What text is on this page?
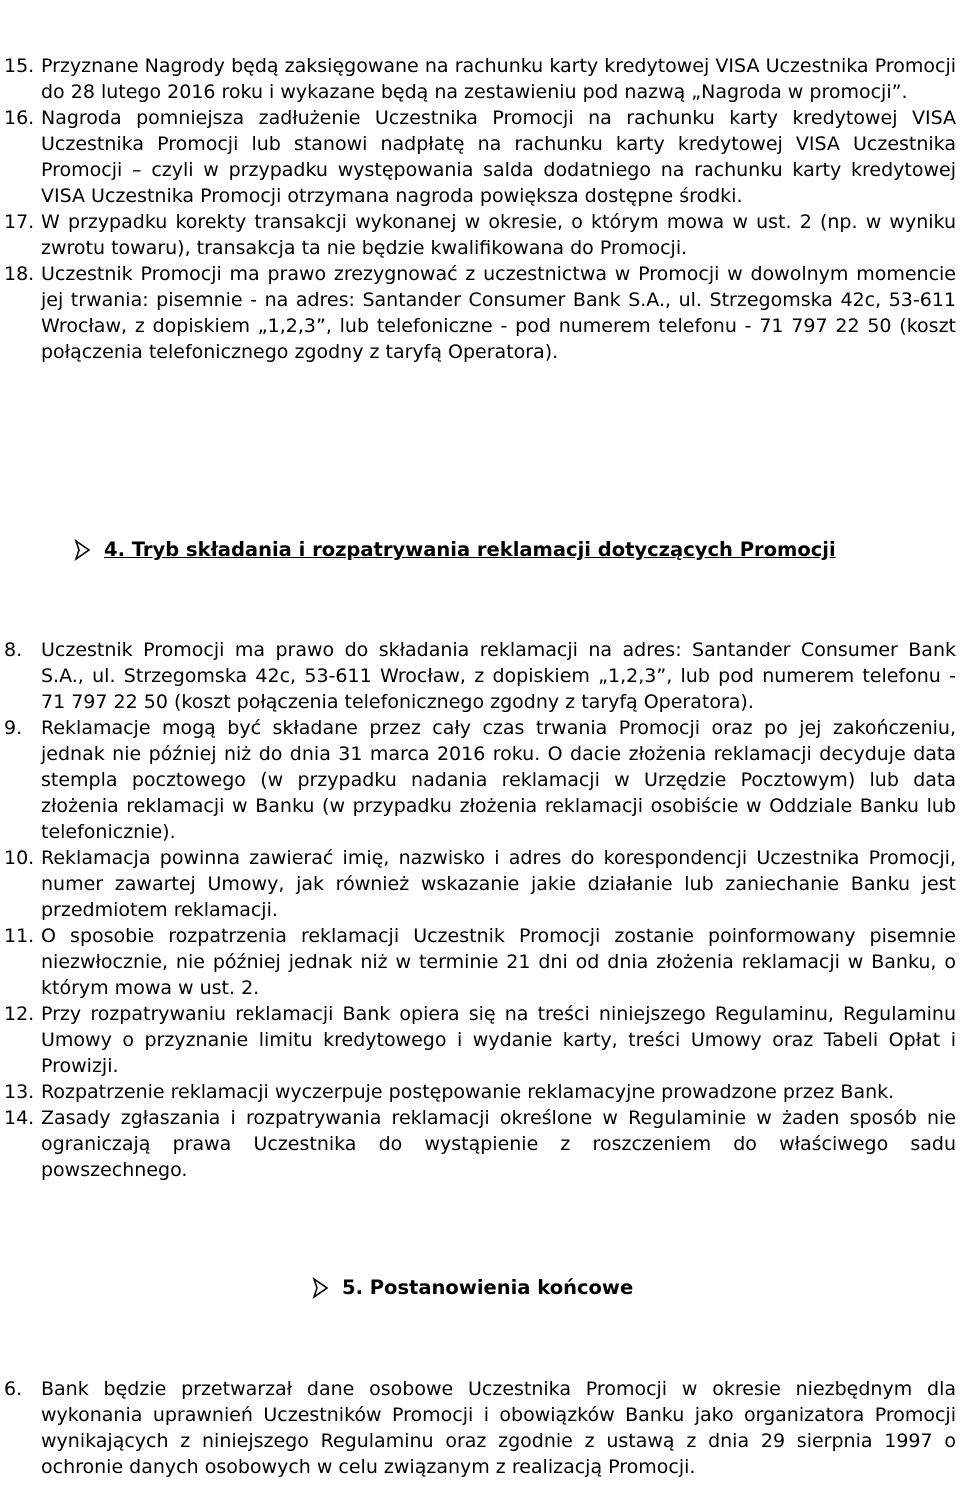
15. Przyznane Nagrody będą zaksięgowane na rachunku karty kredytowej VISA Uczestnika Promocji do 28 lutego 2016 roku i wykazane będą na zestawieniu pod nazwą „Nagroda w promocji”.

16. Nagroda pomniejsza zadłużenie Uczestnika Promocji na rachunku karty kredytowej VISA Uczestnika Promocji lub stanowi nadpłatę na rachunku karty kredytowej VISA Uczestnika Promocji – czyli w przypadku występowania salda dodatniego na rachunku karty kredytowej VISA Uczestnika Promocji otrzymana nagroda powiększa dostępne środki.

17. W przypadku korekty transakcji wykonanej w okresie, o którym mowa w ust. 2 (np. w wyniku zwrotu towaru), transakcja ta nie będzie kwalifikowana do Promocji.

18. Uczestnik Promocji ma prawo zrezygnować z uczestnictwa w Promocji w dowolnym momencie jej trwania: pisemnie - na adres: Santander Consumer Bank S.A., ul. Strzegomska 42c, 53-611 Wrocław, z dopiskiem „1,2,3”, lub telefoniczne - pod numerem telefonu - 71 797 22 50 (koszt połączenia telefonicznego zgodny z taryfą Operatora).

4. Tryb składania i rozpatrywania reklamacji dotyczących Promocji

8. Uczestnik Promocji ma prawo do składania reklamacji na adres: Santander Consumer Bank S.A., ul. Strzegomska 42c, 53-611 Wrocław, z dopiskiem „1,2,3”, lub pod numerem telefonu - 71 797 22 50 (koszt połączenia telefonicznego zgodny z taryfą Operatora).

9. Reklamacje mogą być składane przez cały czas trwania Promocji oraz po jej zakończeniu, jednak nie później niż do dnia 31 marca 2016 roku. O dacie złożenia reklamacji decyduje data stempla pocztowego (w przypadku nadania reklamacji w Urzędzie Pocztowym) lub data złożenia reklamacji w Banku (w przypadku złożenia reklamacji osobiście w Oddziale Banku lub telefonicznie).

10. Reklamacja powinna zawierać imię, nazwisko i adres do korespondencji Uczestnika Promocji, numer zawartej Umowy, jak również wskazanie jakie działanie lub zaniechanie Banku jest przedmiotem reklamacji.

11. O sposobie rozpatrzenia reklamacji Uczestnik Promocji zostanie poinformowany pisemnie niezwłocznie, nie później jednak niż w terminie 21 dni od dnia złożenia reklamacji w Banku, o którym mowa w ust. 2.

12. Przy rozpatrywaniu reklamacji Bank opiera się na treści niniejszego Regulaminu, Regulaminu Umowy o przyznanie limitu kredytowego i wydanie karty, treści Umowy oraz Tabeli Opłat i Prowizji.

13. Rozpatrzenie reklamacji wyczerpuje postępowanie reklamacyjne prowadzone przez Bank.

14. Zasady zgłaszania i rozpatrywania reklamacji określone w Regulaminie w żaden sposób nie ograniczają prawa Uczestnika do wystąpienie z roszczeniem do właściwego sadu powszechnego.

5. Postanowienia końcowe

6. Bank będzie przetwarzał dane osobowe Uczestnika Promocji w okresie niezbędnym dla wykonania uprawnień Uczestników Promocji i obowiązków Banku jako organizatora Promocji wynikających z niniejszego Regulaminu oraz zgodnie z ustawą z dnia 29 sierpnia 1997 o ochronie danych osobowych w celu związanym z realizacją Promocji.
